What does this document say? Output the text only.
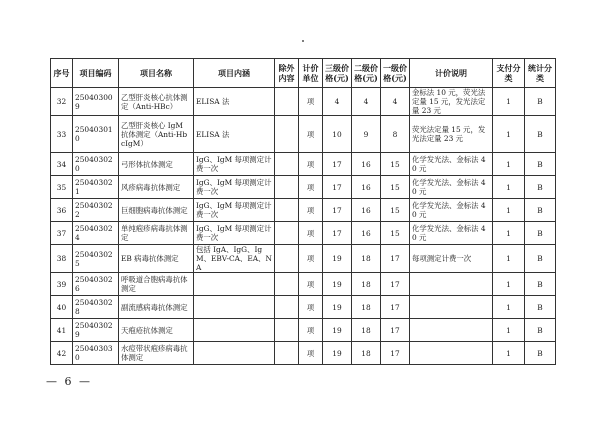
序号	项目编码	项目名称	项目内涵	除外内容	计价单位	三级价格(元)	二级价格(元)	一级价格(元)	计价说明	支付分类	统计分类
32	250403009	乙型肝炎核心抗体测定（Anti-HBc）	ELISA 法		项	4	4	4	金标法 10 元，荧光法定量 15 元，发光法定量 23 元	1	B
33	250403010	乙型肝炎核心 IgM 抗体测定（Anti-HbcIgM）	ELISA 法		项	10	9	8	荧光法定量 15 元，发光法定量 23 元	1	B
34	250403020	弓形体抗体测定	IgG、IgM 每项测定计费一次		项	17	16	15	化学发光法、金标法 40 元	1	B
35	250403021	风疹病毒抗体测定	IgG、IgM 每项测定计费一次		项	17	16	15	化学发光法、金标法 40 元	1	B
36	250403022	巨细胞病毒抗体测定	IgG、IgM 每项测定计费一次		项	17	16	15	化学发光法、金标法 40 元	1	B
37	250403024	单纯疱疹病毒抗体测定	IgG、IgM 每项测定计费一次		项	17	16	15	化学发光法、金标法 40 元	1	B
38	250403025	EB 病毒抗体测定	包括 IgA、IgG、IgM、EBV-CA、EA、NA		项	19	18	17	每项测定计费一次	1	B
39	250403026	呼吸道合胞病毒抗体测定			项	19	18	17		1	B
40	250403028	副流感病毒抗体测定			项	19	18	17		1	B
41	250403029	天疱疮抗体测定			项	19	18	17		1	B
42	250403030	水痘带状疱疹病毒抗体测定			项	19	18	17		1	B
— 6 —
